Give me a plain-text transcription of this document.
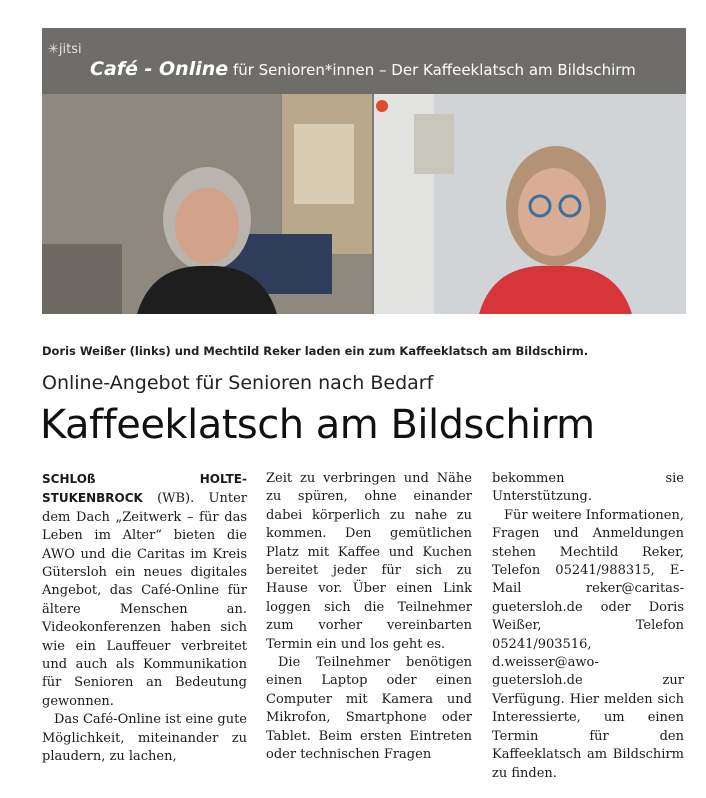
✳jitsi
Café - Online für Senioren*innen – Der Kaffeeklatsch am Bildschirm
Doris Weißer (links) und Mechtild Reker laden ein zum Kaffeeklatsch am Bildschirm.
Online-Angebot für Senioren nach Bedarf
Kaffeeklatsch am Bildschirm

SCHLOß HOLTE-STUKENBROCK (WB). Unter dem Dach „Zeitwerk – für das Leben im Alter“ bieten die AWO und die Caritas im Kreis Gütersloh ein neues digitales Angebot, das Café-Online für ältere Menschen an. Videokonferenzen haben sich wie ein Lauffeuer verbreitet und auch als Kommunikation für Senioren an Bedeutung gewonnen.

Das Café-Online ist eine gute Möglichkeit, miteinander zu plaudern, zu lachen,

Zeit zu verbringen und Nähe zu spüren, ohne einander dabei körperlich zu nahe zu kommen. Den gemütlichen Platz mit Kaffee und Kuchen bereitet jeder für sich zu Hause vor. Über einen Link loggen sich die Teilnehmer zum vorher vereinbarten Termin ein und los geht es.

Die Teilnehmer benötigen einen Laptop oder einen Computer mit Kamera und Mikrofon, Smartphone oder Tablet. Beim ersten Eintreten oder technischen Fragen

bekommen sie Unterstützung.

Für weitere Informationen, Fragen und Anmeldungen stehen Mechtild Reker, Telefon 05241/988315, E-Mail reker@caritas-guetersloh.de oder Doris Weißer, Telefon 05241/903516, d.weisser@awo-guetersloh.de zur Verfügung. Hier melden sich Interessierte, um einen Termin für den Kaffeeklatsch am Bildschirm zu finden.
